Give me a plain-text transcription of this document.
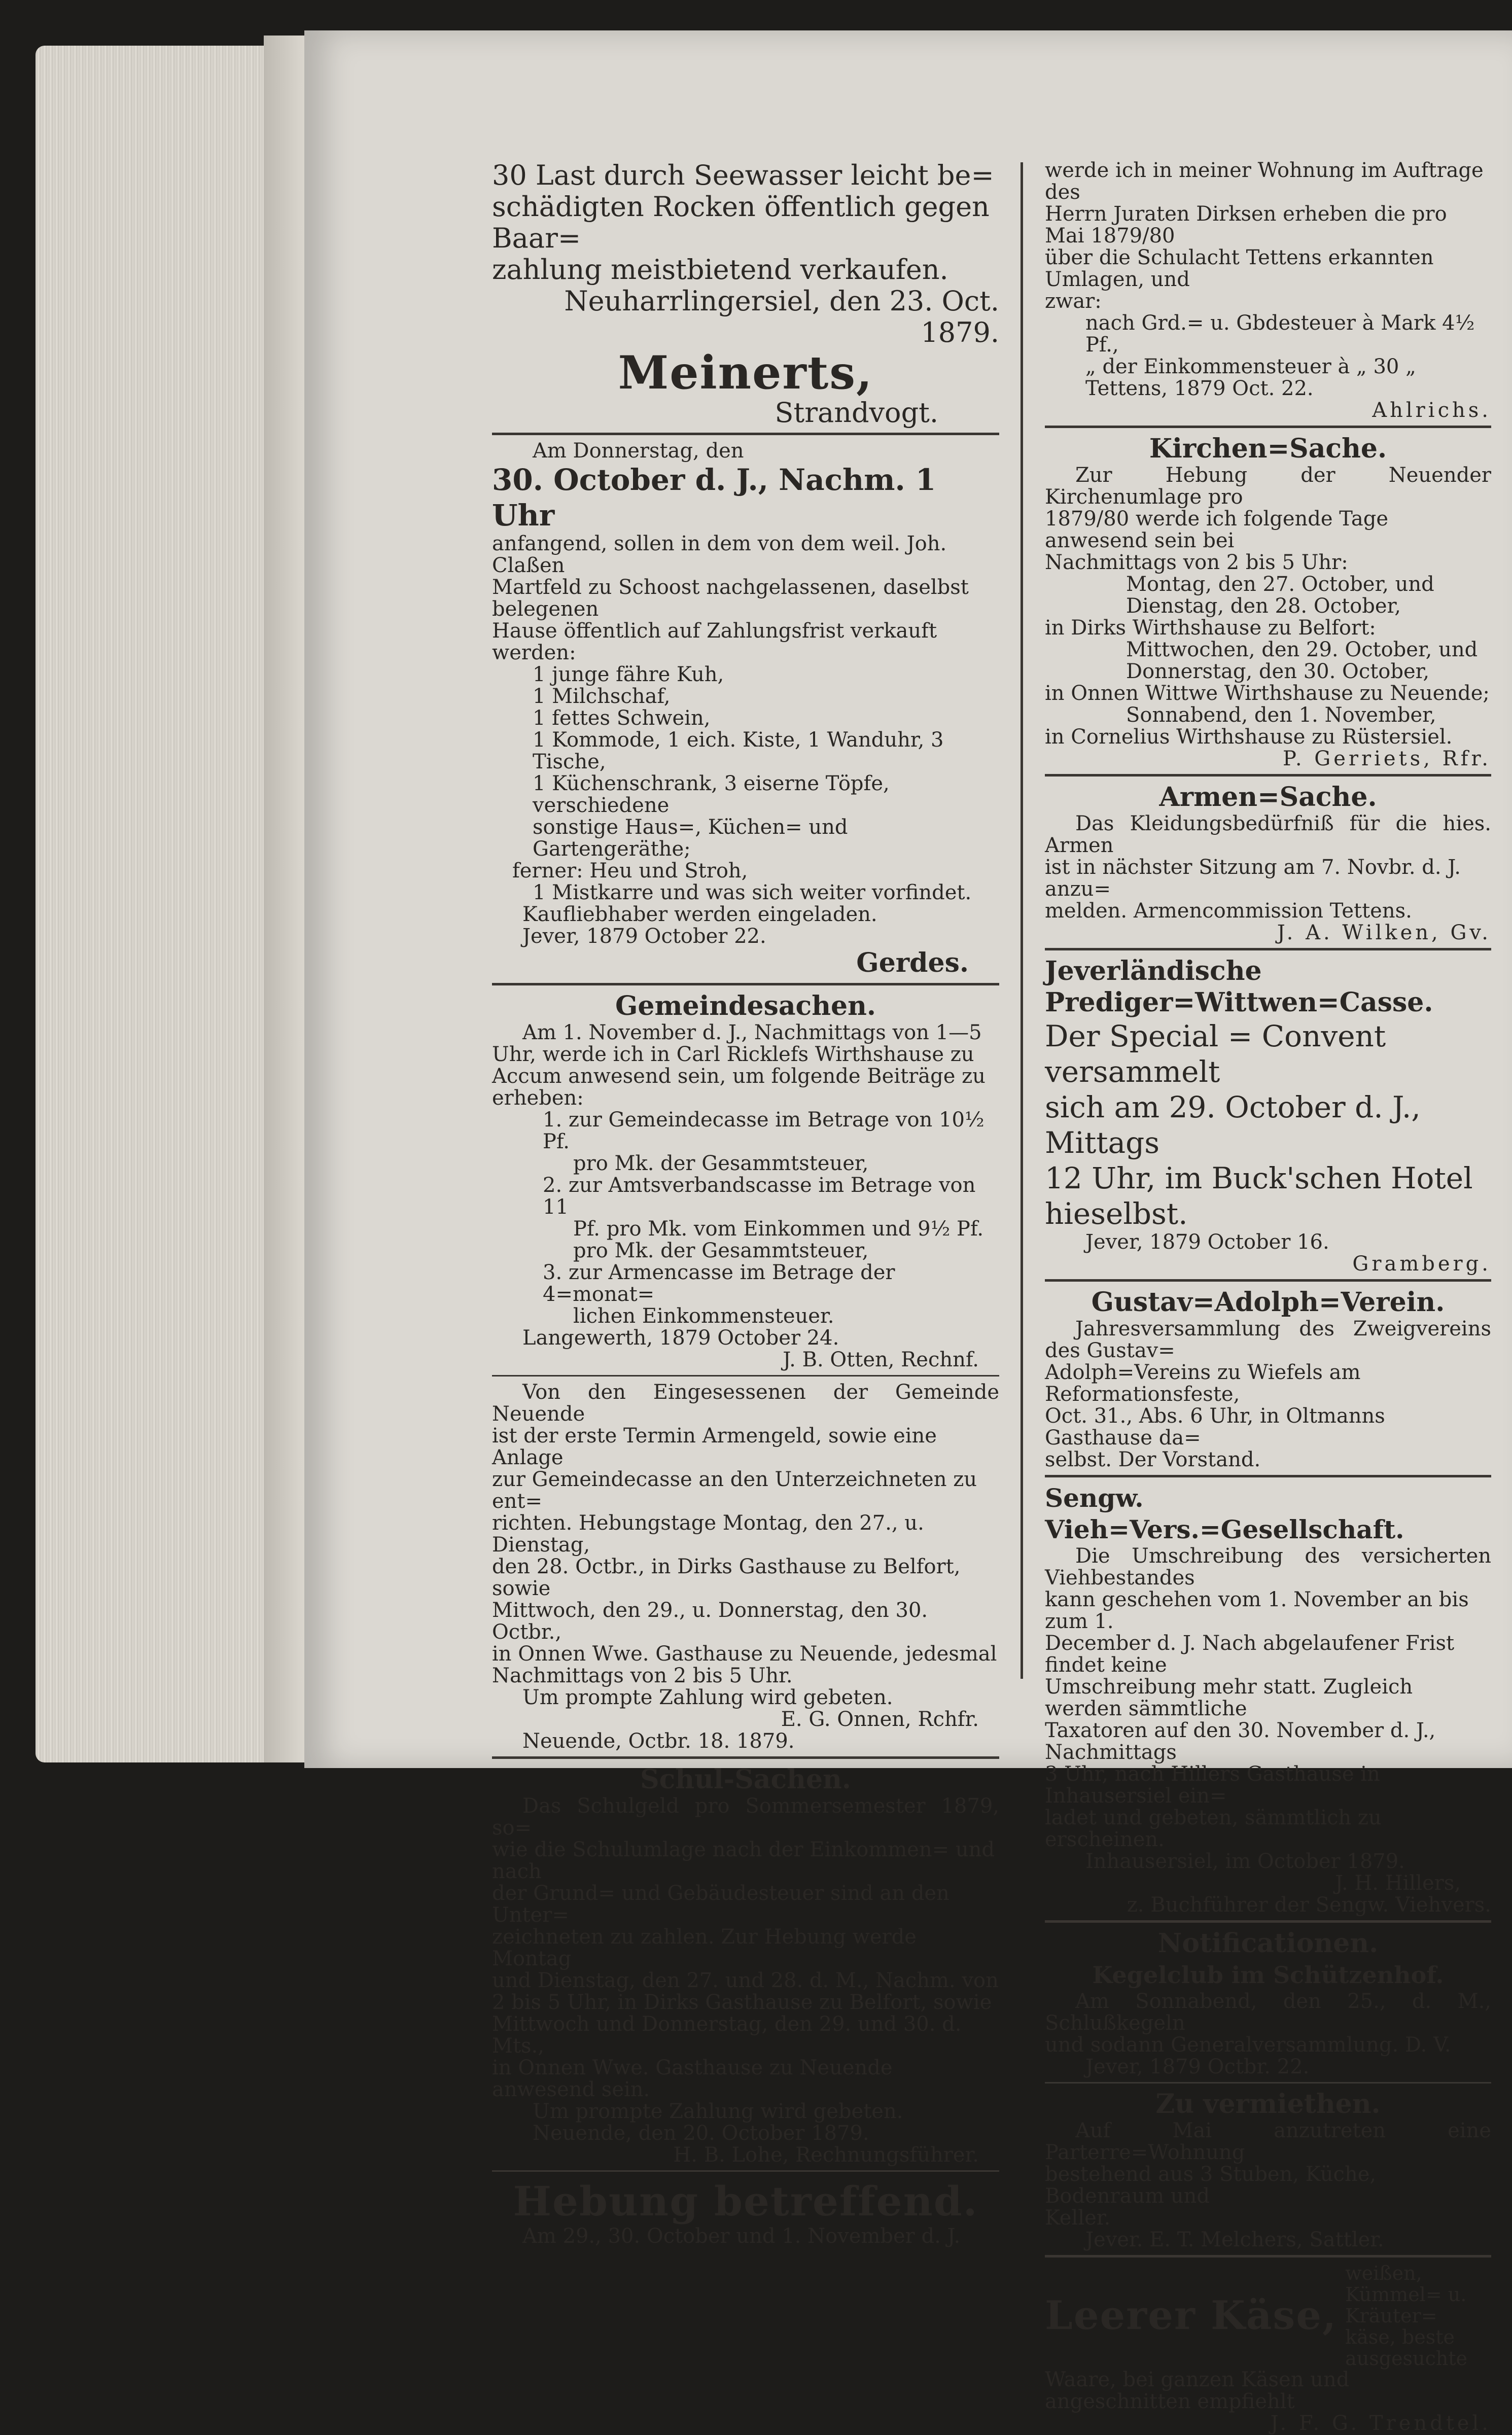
30 Last durch Seewasser leicht be=
schädigten Rocken öffentlich gegen Baar=
zahlung meistbietend verkaufen.
Neuharrlingersiel, den 23. Oct. 1879.
Meinerts,
Strandvogt.
Am Donnerstag, den
30. October d. J., Nachm. 1 Uhr
anfangend, sollen in dem von dem weil. Joh. Claßen
Martfeld zu Schoost nachgelassenen, daselbst belegenen
Hause öffentlich auf Zahlungsfrist verkauft werden:
1 junge fähre Kuh,
1 Milchschaf,
1 fettes Schwein,
1 Kommode, 1 eich. Kiste, 1 Wanduhr, 3 Tische,
1 Küchenschrank, 3 eiserne Töpfe, verschiedene
sonstige Haus=, Küchen= und Gartengeräthe;
ferner: Heu und Stroh,
1 Mistkarre und was sich weiter vorfindet.
Kaufliebhaber werden eingeladen.
Jever, 1879 October 22.
Gerdes.
Gemeindesachen.
Am 1. November d. J., Nachmittags von 1—5
Uhr, werde ich in Carl Ricklefs Wirthshause zu
Accum anwesend sein, um folgende Beiträge zu erheben:
1. zur Gemeindecasse im Betrage von 10½ Pf.
pro Mk. der Gesammtsteuer,
2. zur Amtsverbandscasse im Betrage von 11
Pf. pro Mk. vom Einkommen und 9½ Pf.
pro Mk. der Gesammtsteuer,
3. zur Armencasse im Betrage der 4=monat=
lichen Einkommensteuer.
Langewerth, 1879 October 24.
J. B. Otten, Rechnf.
Von den Eingesessenen der Gemeinde Neuende
ist der erste Termin Armengeld, sowie eine Anlage
zur Gemeindecasse an den Unterzeichneten zu ent=
richten. Hebungstage Montag, den 27., u. Dienstag,
den 28. Octbr., in Dirks Gasthause zu Belfort, sowie
Mittwoch, den 29., u. Donnerstag, den 30. Octbr.,
in Onnen Wwe. Gasthause zu Neuende, jedesmal
Nachmittags von 2 bis 5 Uhr.
Um prompte Zahlung wird gebeten.
E. G. Onnen, Rchfr.
Neuende, Octbr. 18. 1879.
Schul-Sachen.
Das Schulgeld pro Sommersemester 1879, so=
wie die Schulumlage nach der Einkommen= und nach
der Grund= und Gebäudesteuer sind an den Unter=
zeichneten zu zahlen. Zur Hebung werde Montag
und Dienstag, den 27. und 28. d. M., Nachm. von
2 bis 5 Uhr, in Dirks Gasthause zu Belfort, sowie
Mittwoch und Donnerstag, den 29. und 30. d. Mts.,
in Onnen Wwe. Gasthause zu Neuende anwesend sein.
Um prompte Zahlung wird gebeten.
Neuende, den 20. October 1879.
H. B. Lohe, Rechnungsführer.
Hebung betreffend.
Am 29., 30. October und 1. November d. J.
werde ich in meiner Wohnung im Auftrage des
Herrn Juraten Dirksen erheben die pro Mai 1879/80
über die Schulacht Tettens erkannten Umlagen, und
zwar:
nach Grd.= u. Gbdesteuer à Mark 4½ Pf.,
„ der Einkommensteuer à „ 30 „
Tettens, 1879 Oct. 22.
Ahlrichs.
Kirchen=Sache.
Zur Hebung der Neuender Kirchenumlage pro
1879/80 werde ich folgende Tage anwesend sein bei
Nachmittags von 2 bis 5 Uhr:
Montag, den 27. October, und
Dienstag, den 28. October,
in Dirks Wirthshause zu Belfort:
Mittwochen, den 29. October, und
Donnerstag, den 30. October,
in Onnen Wittwe Wirthshause zu Neuende;
Sonnabend, den 1. November,
in Cornelius Wirthshause zu Rüstersiel.
P. Gerriets, Rfr.
Armen=Sache.
Das Kleidungsbedürfniß für die hies. Armen
ist in nächster Sitzung am 7. Novbr. d. J. anzu=
melden. Armencommission Tettens.
J. A. Wilken, Gv.
Jeverländische Prediger=Wittwen=Casse.
Der Special = Convent versammelt
sich am 29. October d. J., Mittags
12 Uhr, im Buck'schen Hotel hieselbst.
Jever, 1879 October 16.
Gramberg.
Gustav=Adolph=Verein.
Jahresversammlung des Zweigvereins des Gustav=
Adolph=Vereins zu Wiefels am Reformationsfeste,
Oct. 31., Abs. 6 Uhr, in Oltmanns Gasthause da=
selbst. Der Vorstand.
Sengw. Vieh=Vers.=Gesellschaft.
Die Umschreibung des versicherten Viehbestandes
kann geschehen vom 1. November an bis zum 1.
December d. J. Nach abgelaufener Frist findet keine
Umschreibung mehr statt. Zugleich werden sämmtliche
Taxatoren auf den 30. November d. J., Nachmittags
3 Uhr, nach Hillers Gasthause in Inhausersiel ein=
ladet und gebeten, sämmtlich zu erscheinen.
Inhausersiel, im October 1879.
J. H. Hillers,
z. Buchführer der Sengw. Viehvers.
Notificationen.
Kegelclub im Schützenhof.
Am Sonnabend, den 25., d. M., Schlußkegeln
und sodann Generalversammlung. D. V.
Jever, 1879 Octbr. 22.
Zu vermiethen.
Auf Mai anzutreten eine Parterre=Wohnung
bestehend aus 3 Stuben, Küche, Bodenraum und
Keller.
Jever. E. T. Melchers, Sattler.
Leerer Käse,
weißen, Kümmel= u. Kräuter=
käse, beste ausgesuchte
Waare, bei ganzen Käsen und angeschnitten empfiehlt
J. F. G. Trendtel.
